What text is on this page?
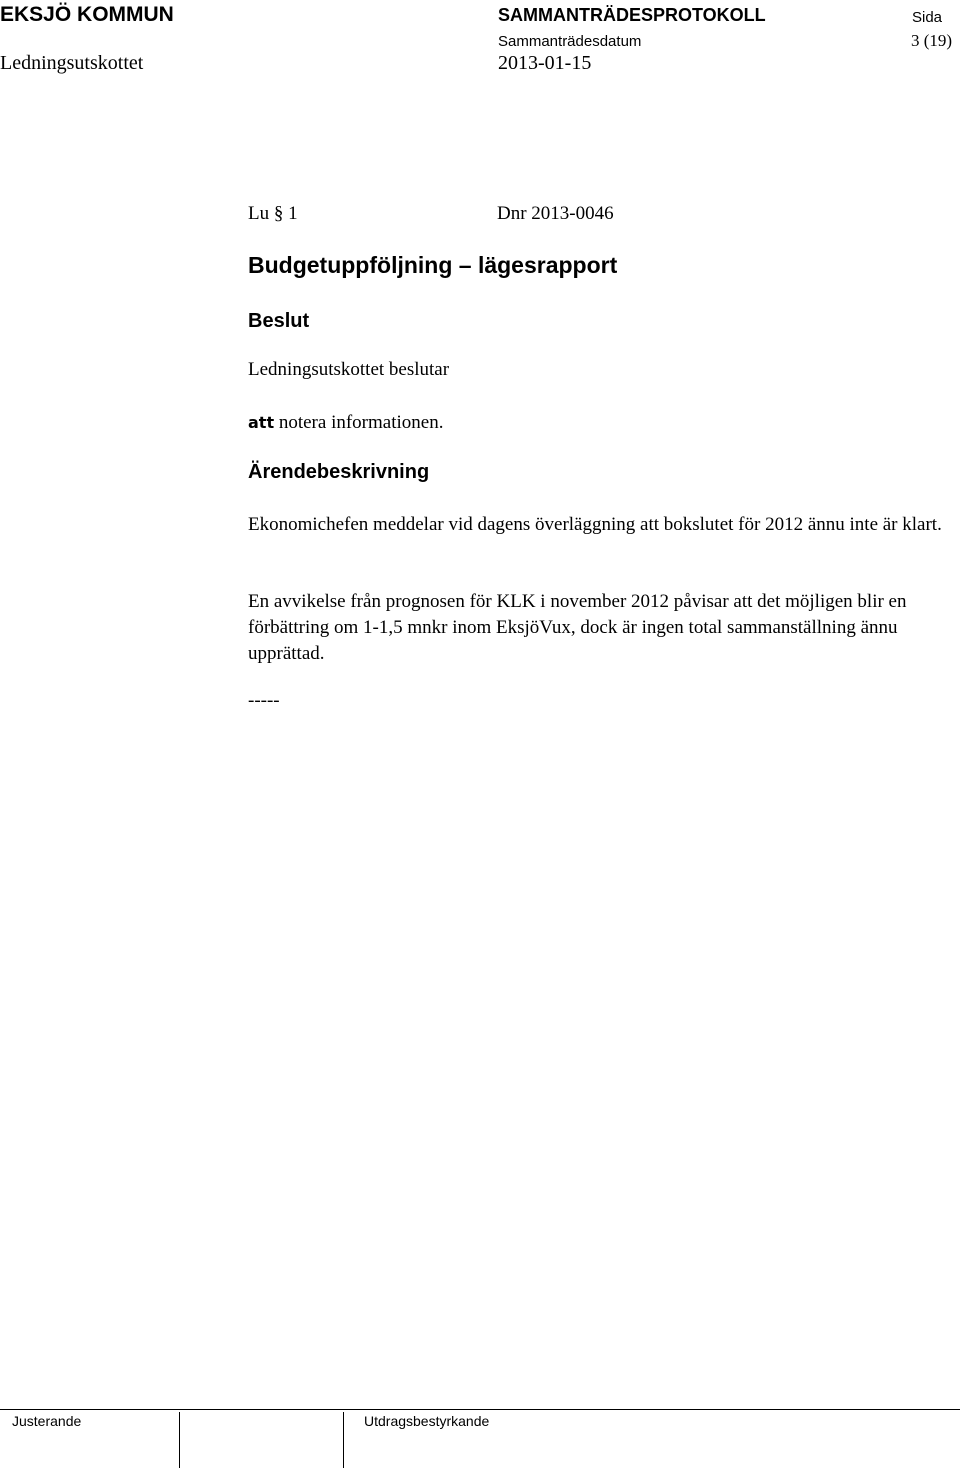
EKSJÖ KOMMUN	SAMMANTRÄDESPROTOKOLL	Sida
Sammanträdesdatum	3 (19)
Ledningsutskottet	2013-01-15
Lu § 1	Dnr 2013-0046
Budgetuppföljning – lägesrapport
Beslut
Ledningsutskottet beslutar
att notera informationen.
Ärendebeskrivning
Ekonomichefen meddelar vid dagens överläggning att bokslutet för 2012 ännu inte är klart.
En avvikelse från prognosen för KLK i november 2012 påvisar att det möjligen blir en förbättring om 1-1,5 mnkr inom EksjöVux, dock är ingen total sammanställning ännu upprättad.
-----
Justerande	Utdragsbestyrkande
